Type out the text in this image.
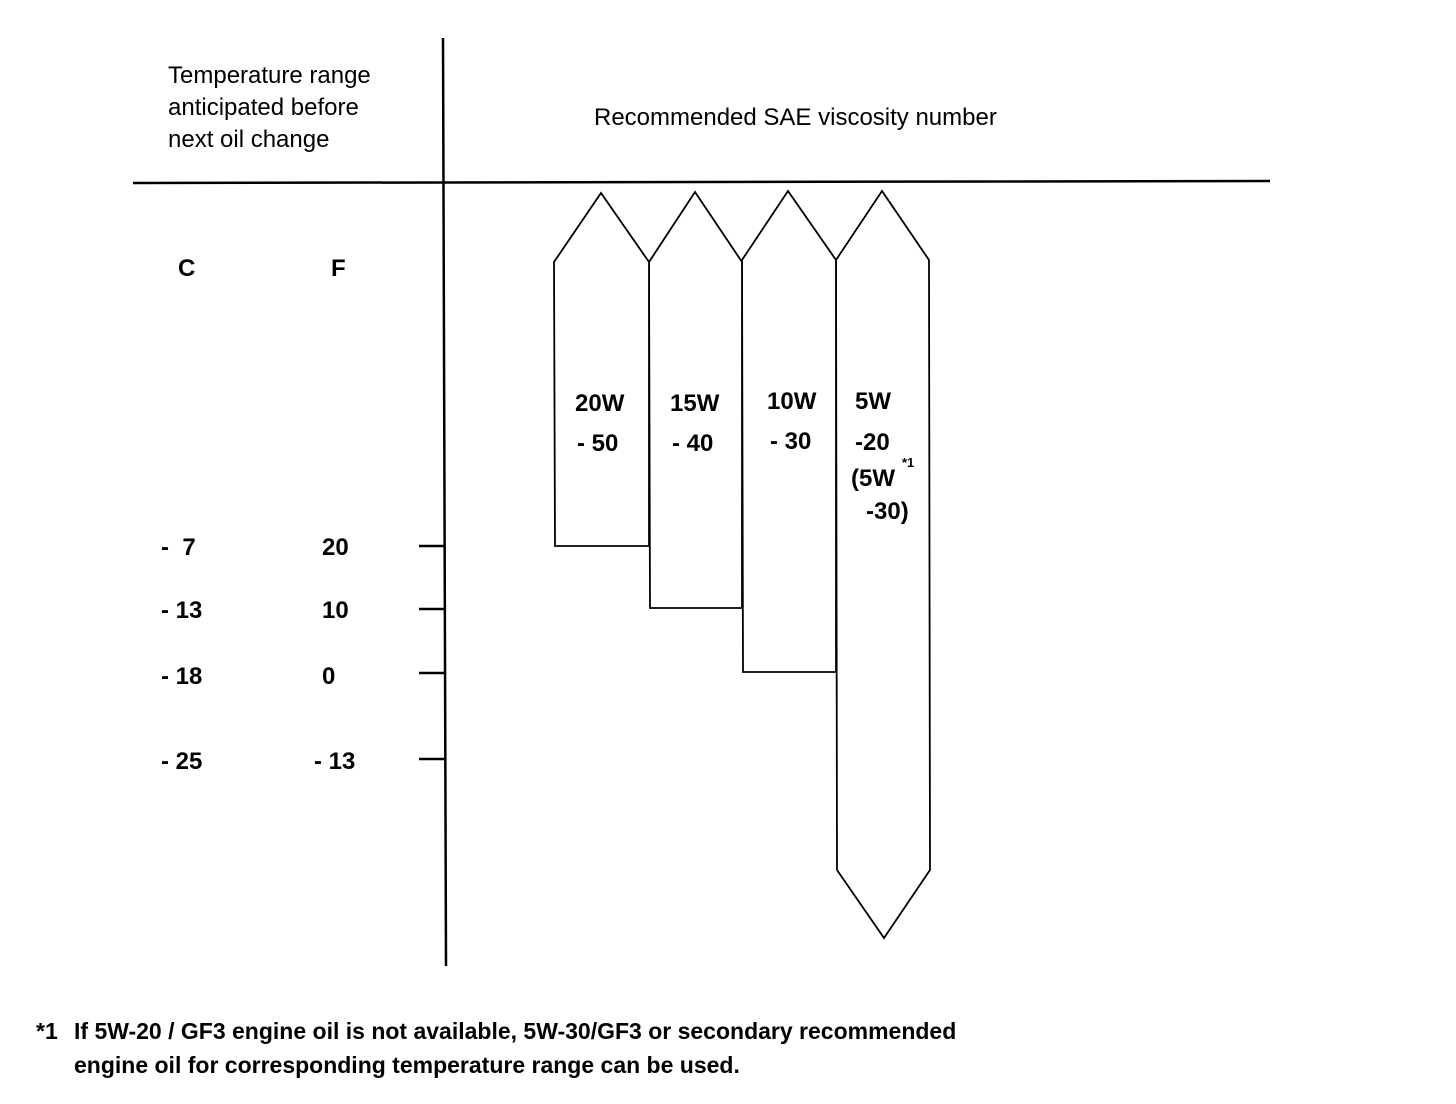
Temperature range
anticipated before
next oil change
Recommended SAE viscosity number
C	F
-  7	20
- 13	10
- 18	0
- 25	- 13
20W
- 50
15W
- 40
10W
- 30
5W
-20
(5W
*1
-30)
*1 If 5W-20 / GF3 engine oil is not available, 5W-30/GF3 or secondary recommended
engine oil for corresponding temperature range can be used.
